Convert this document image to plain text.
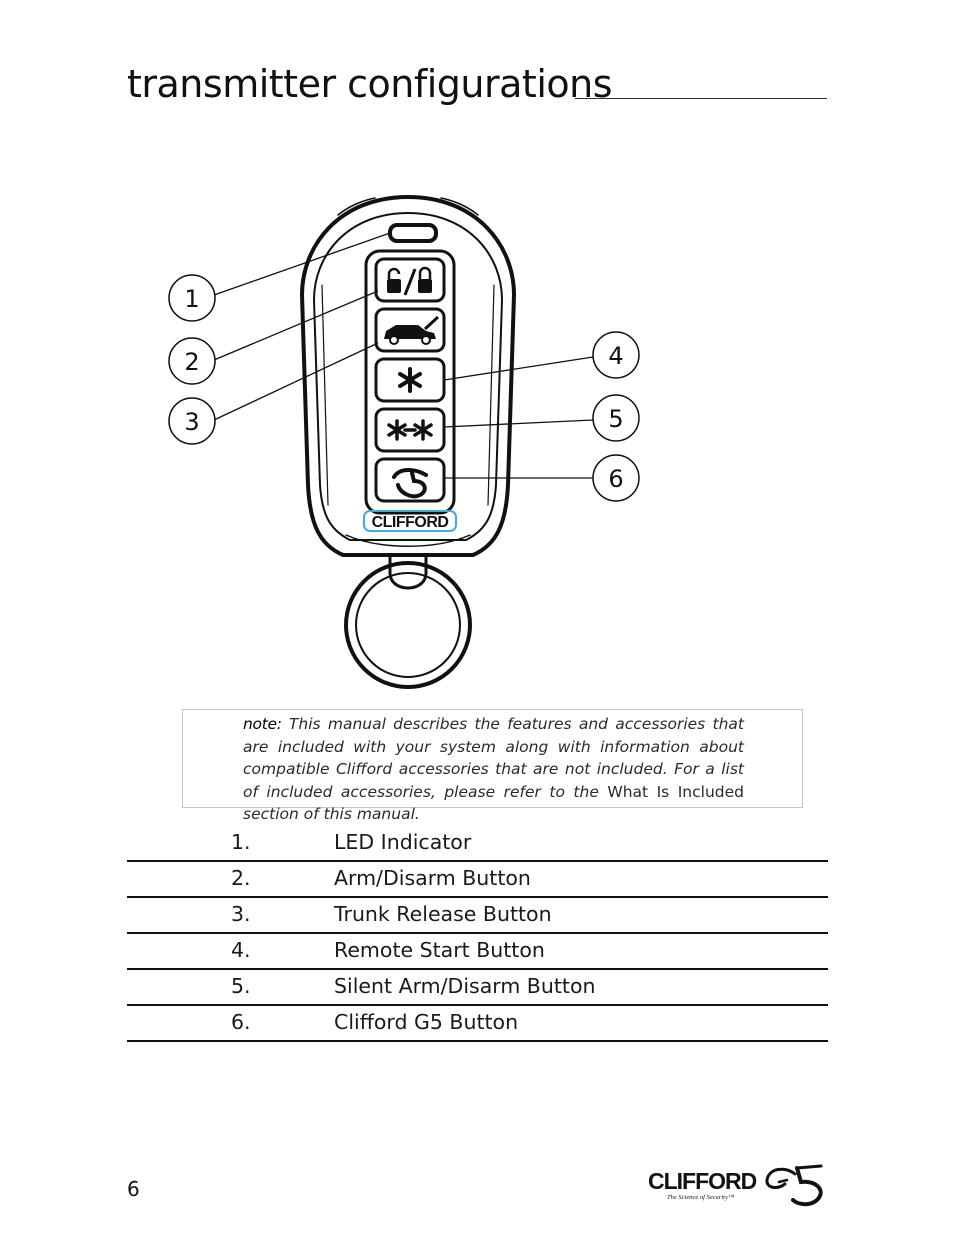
transmitter configurations
CLIFFORD
1
2
3
4
5
6

note: This manual describes the features and accessories that are included with your system along with information about compatible Clifford accessories that are not included. For a list of included accessories, please refer to the What Is Included section of this manual.

1.	LED Indicator
2.	Arm/Disarm Button
3.	Trunk Release Button
4.	Remote Start Button
5.	Silent Arm/Disarm Button
6.	Clifford G5 Button
6	CLIFFORD
The Science of Security™
